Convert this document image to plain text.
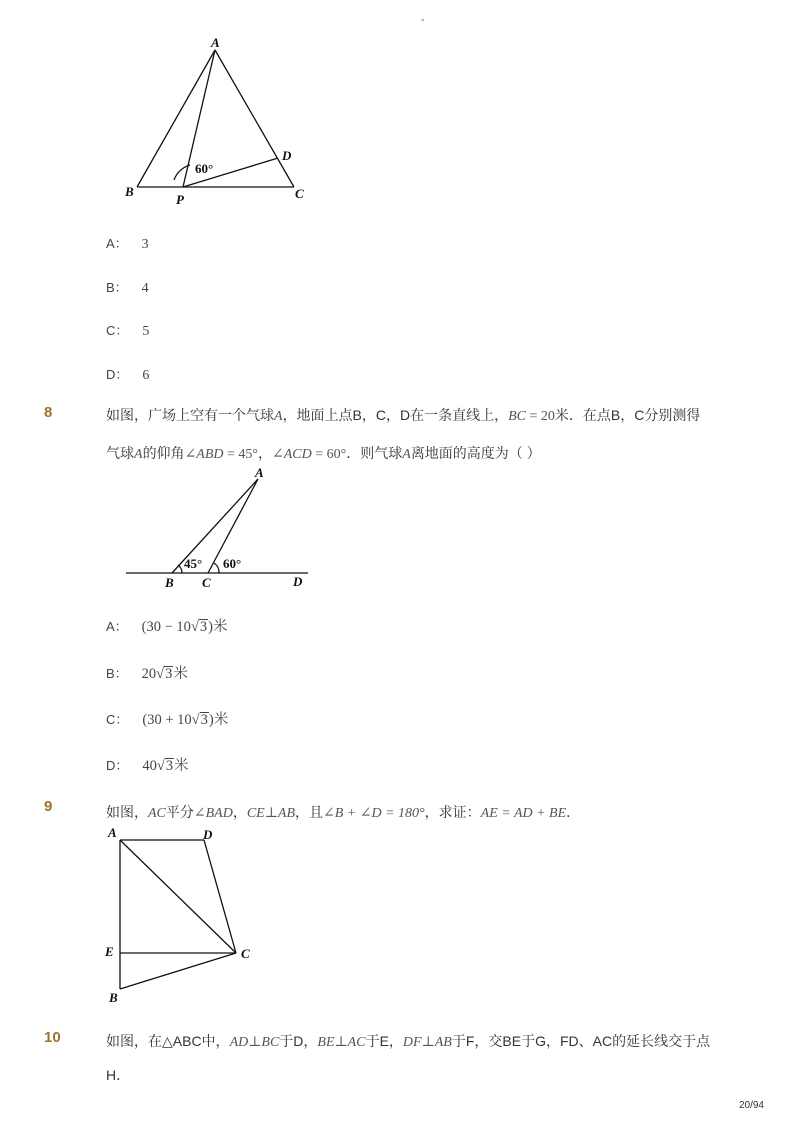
-
A
B	C
D
P
60°
A： 3
B： 4
C： 5
D： 6
8	如图，广场上空有一个气球A，地面上点B，C，D在一条直线上，BC = 20米．在点B，C分别测得
气球A的仰角∠ABD = 45°，∠ACD = 60°．则气球A离地面的高度为（ ）
A
B C	D
45° 60°
A： (30 − 10√3)米
B： 20√3米
C： (30 + 10√3)米
D： 40√3米
9	如图，AC平分∠BAD，CE⊥AB，且∠B + ∠D = 180°，求证：AE = AD + BE．
A	D
E	C
B
10	如图，在△ABC中，AD⊥BC于D，BE⊥AC于E，DF⊥AB于F，交BE于G，FD、AC的延长线交于点
H．
20/94
